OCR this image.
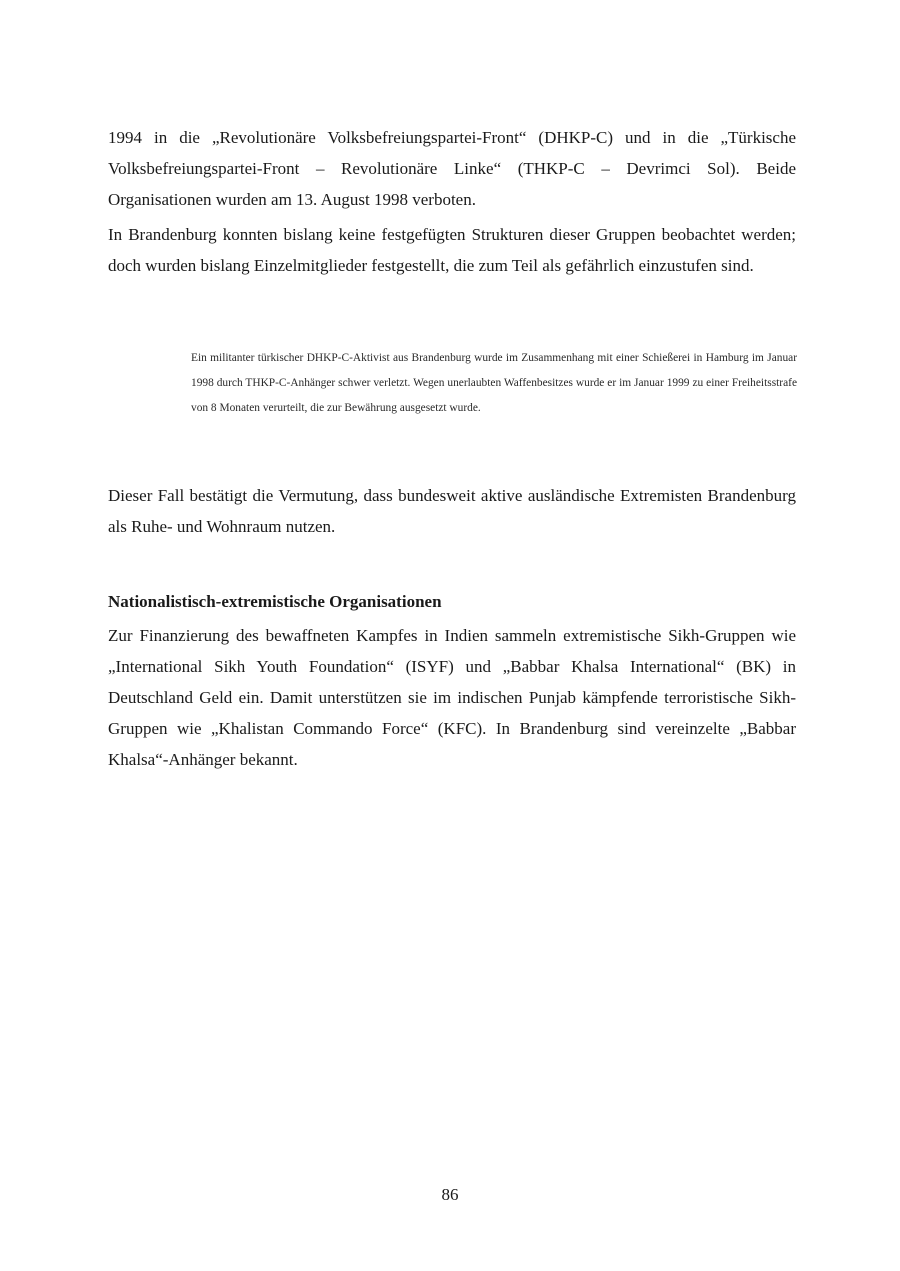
1994 in die „Revolutionäre Volksbefreiungspartei-Front“ (DHKP-C) und in die „Türkische Volksbefreiungspartei-Front – Revolutionäre Linke“ (THKP-C – Devrimci Sol). Beide Organisationen wurden am 13. August 1998 verboten.

In Brandenburg konnten bislang keine festgefügten Strukturen dieser Gruppen beobachtet werden; doch wurden bislang Einzelmitglieder festgestellt, die zum Teil als gefährlich einzustufen sind.

Ein militanter türkischer DHKP-C-Aktivist aus Brandenburg wurde im Zusammenhang mit einer Schießerei in Hamburg im Januar 1998 durch THKP-C-Anhänger schwer verletzt. Wegen unerlaubten Waffenbesitzes wurde er im Januar 1999 zu einer Freiheitsstrafe von 8 Monaten verurteilt, die zur Bewährung ausgesetzt wurde.

Dieser Fall bestätigt die Vermutung, dass bundesweit aktive ausländische Extremisten Brandenburg als Ruhe- und Wohnraum nutzen.

Nationalistisch-extremistische Organisationen

Zur Finanzierung des bewaffneten Kampfes in Indien sammeln extremistische Sikh-Gruppen wie „International Sikh Youth Foundation“ (ISYF) und „Babbar Khalsa International“ (BK) in Deutschland Geld ein. Damit unterstützen sie im indischen Punjab kämpfende terroristische Sikh-Gruppen wie „Khalistan Commando Force“ (KFC). In Brandenburg sind vereinzelte „Babbar Khalsa“-Anhänger bekannt.

86
